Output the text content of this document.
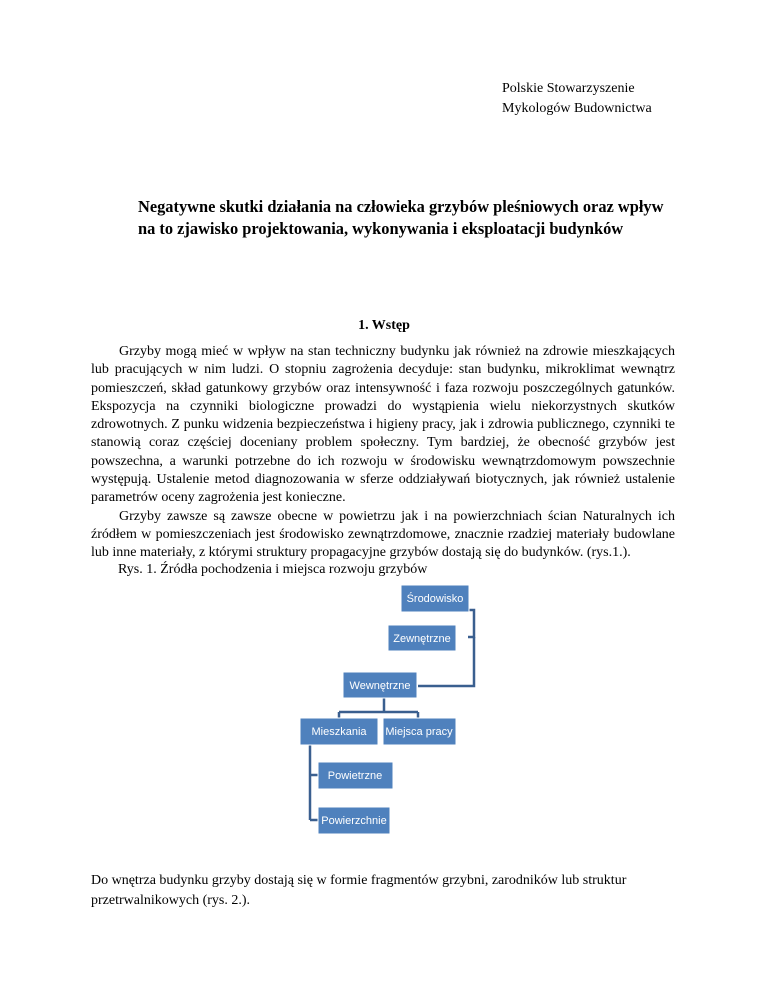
Polskie Stowarzyszenie
Mykologów Budownictwa
Negatywne skutki działania na człowieka grzybów pleśniowych oraz wpływ na to zjawisko projektowania, wykonywania i eksploatacji budynków
1. Wstęp

Grzyby mogą mieć w wpływ na stan techniczny budynku jak również na zdrowie mieszkających lub pracujących w nim ludzi. O stopniu zagrożenia decyduje: stan budynku, mikroklimat wewnątrz pomieszczeń, skład gatunkowy grzybów oraz intensywność i faza rozwoju poszczególnych gatunków. Ekspozycja na czynniki biologiczne prowadzi do wystąpienia wielu niekorzystnych skutków zdrowotnych. Z punku widzenia bezpieczeństwa i higieny pracy, jak i zdrowia publicznego, czynniki te stanowią coraz częściej doceniany problem społeczny. Tym bardziej, że obecność grzybów jest powszechna, a warunki potrzebne do ich rozwoju w środowisku wewnątrzdomowym powszechnie występują. Ustalenie metod diagnozowania w sferze oddziaływań biotycznych, jak również ustalenie parametrów oceny zagrożenia jest konieczne.

Grzyby zawsze są zawsze obecne w powietrzu jak i na powierzchniach ścian Naturalnych ich źródłem w pomieszczeniach jest środowisko zewnątrzdomowe, znacznie rzadziej materiały budowlane lub inne materiały, z którymi struktury propagacyjne grzybów dostają się do budynków. (rys.1.).

Rys. 1. Źródła pochodzenia i miejsca rozwoju grzybów
Środowisko
Zewnętrzne
Wewnętrzne
Mieszkania Miejsca pracy
Powietrzne
Powierzchnie

Do wnętrza budynku grzyby dostają się w formie fragmentów grzybni, zarodników lub struktur przetrwalnikowych (rys. 2.).
